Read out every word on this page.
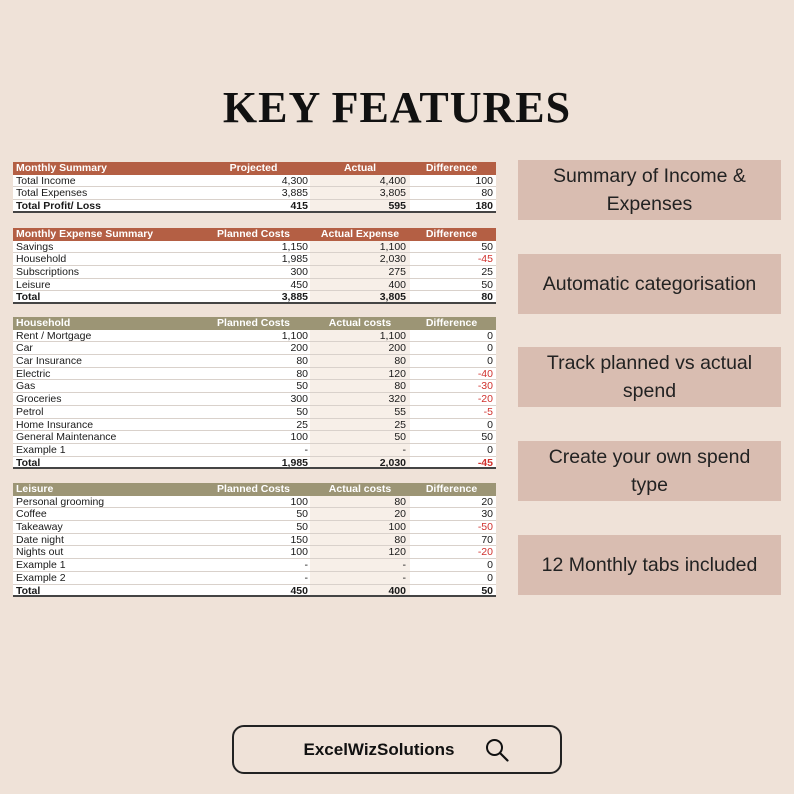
KEY FEATURES
Monthly Summary	Projected	Actual	Difference
Total Income	4,300	4,400	100
Total Expenses	3,885	3,805	80
Total Profit/ Loss	415	595	180
Monthly Expense Summary	Planned Costs	Actual Expense	Difference
Savings	1,150	1,100	50
Household	1,985	2,030	-45
Subscriptions	300	275	25
Leisure	450	400	50
Total	3,885	3,805	80
Household	Planned Costs	Actual costs	Difference
Rent / Mortgage	1,100	1,100	0
Car	200	200	0
Car Insurance	80	80	0
Electric	80	120	-40
Gas	50	80	-30
Groceries	300	320	-20
Petrol	50	55	-5
Home Insurance	25	25	0
General Maintenance	100	50	50
Example 1	-	-	0
Total	1,985	2,030	-45
Leisure	Planned Costs	Actual costs	Difference
Personal grooming	100	80	20
Coffee	50	20	30
Takeaway	50	100	-50
Date night	150	80	70
Nights out	100	120	-20
Example 1	-	-	0
Example 2	-	-	0
Total	450	400	50
Summary of Income & Expenses
Automatic categorisation
Track planned vs actual spend
Create your own spend type
12 Monthly tabs included
ExcelWizSolutions
